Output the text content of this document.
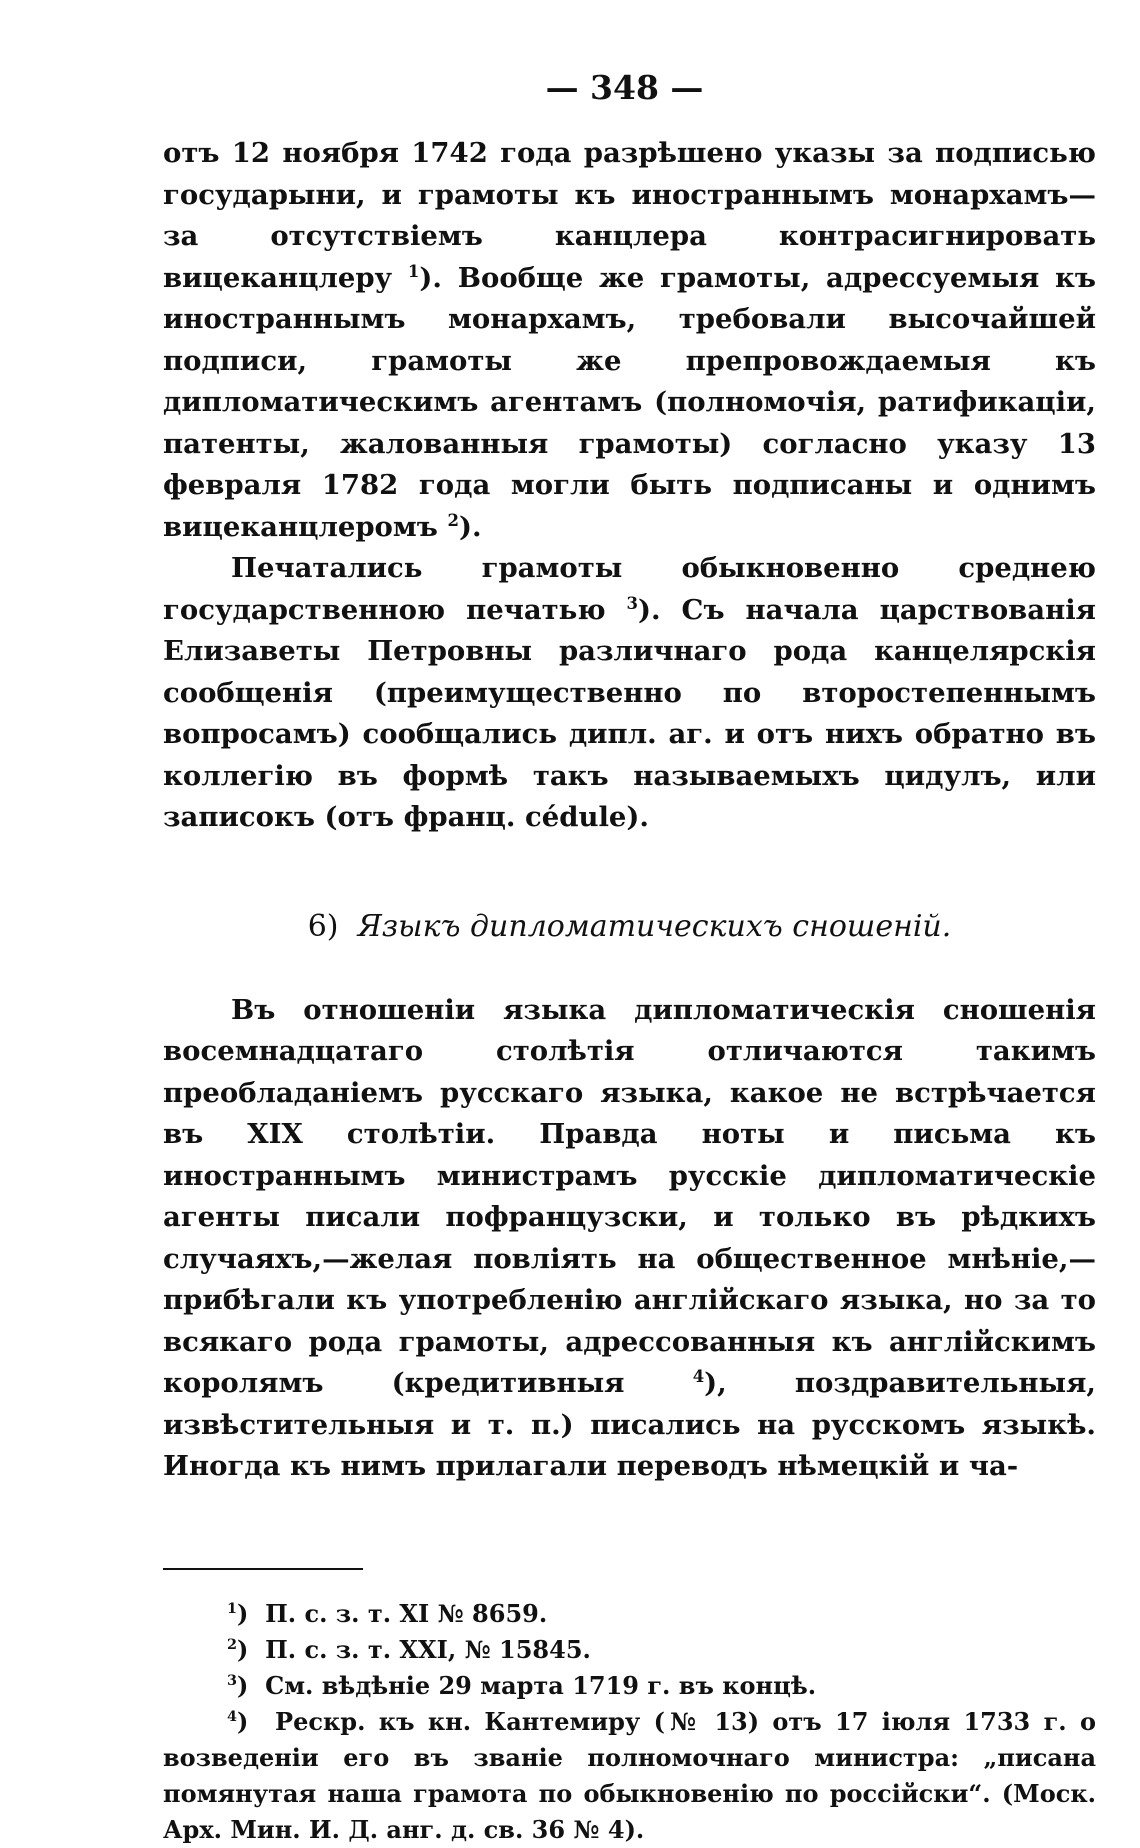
— 348 —

отъ 12 ноября 1742 года разрѣшено указы за подписью государыни, и грамоты къ иностраннымъ монархамъ—за отсутствіемъ канцлера контрасигнировать вицеканцлеру $^1$). Вообще же грамоты, адрессуемыя къ иностраннымъ монархамъ, требовали высочайшей подписи, грамоты же препровождаемыя къ дипломатическимъ агентамъ (полномочія, ратификаціи, патенты, жалованныя грамоты) согласно указу 13 февраля 1782 года могли быть подписаны и однимъ вицеканцлеромъ $^2$).

Печатались грамоты обыкновенно среднею государственною печатью $^3$). Съ начала царствованія Елизаветы Петровны различнаго рода канцелярскія сообщенія (преимущественно по второстепеннымъ вопросамъ) сообщались дипл. аг. и отъ нихъ обратно въ коллегію въ формѣ такъ называемыхъ цидулъ, или записокъ (отъ франц. cédule).

6) Языкъ дипломатическихъ сношеній.

Въ отношеніи языка дипломатическія сношенія восемнадцатаго столѣтія отличаются такимъ преобладаніемъ русскаго языка, какое не встрѣчается въ XIX столѣтіи. Правда ноты и письма къ иностраннымъ министрамъ русскіе дипломатическіе агенты писали пофранцузски, и только въ рѣдкихъ случаяхъ,—желая повліять на общественное мнѣніе,—прибѣгали къ употребленію англійскаго языка, но за то всякаго рода грамоты, адрессованныя къ англійскимъ королямъ (кредитивныя	$^4$), поздравительныя, извѣстительныя и т. п.) писались на русскомъ языкѣ. Иногда къ нимъ прилагали переводъ нѣмецкій и ча-

$^1$)  П. с. з. т. XI № 8659.

$^2$)  П. с. з. т. XXI, № 15845.

$^3$)  См. вѣдѣніе 29 марта 1719 г. въ концѣ.

$^4$)  Рескр. къ кн. Кантемиру (№ 13) отъ 17 іюля 1733 г. о возведеніи его въ званіе полномочнаго министра: „писана помянутая наша грамота по обыкновенію по россійски“. (Моск. Арх. Мин. И. Д. анг. д. св. 36 № 4).
